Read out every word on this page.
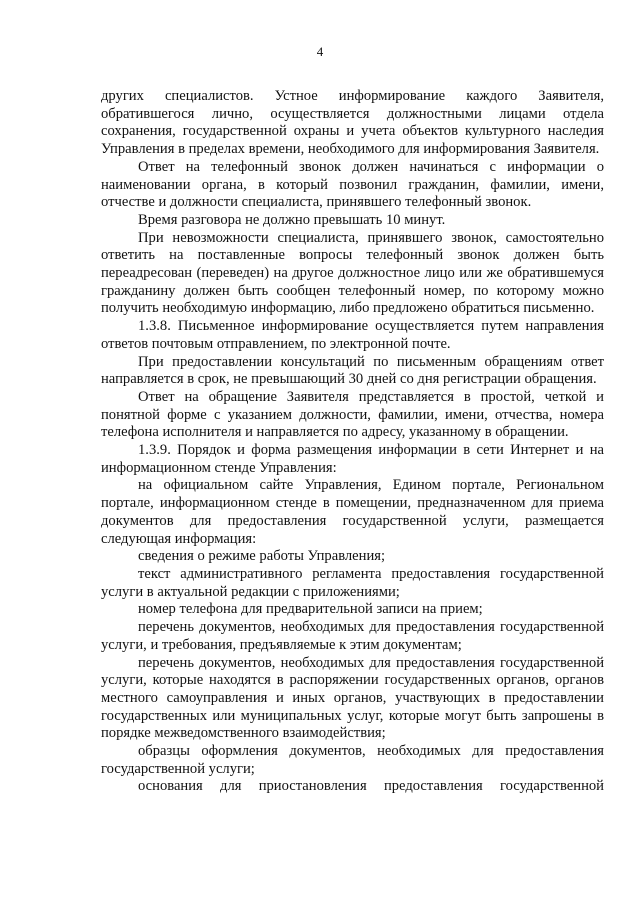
4

других специалистов. Устное информирование каждого Заявителя, обратившегося лично, осуществляется должностными лицами отдела сохранения, государственной охраны и учета объектов культурного наследия Управления в пределах времени, необходимого для информирования Заявителя.

Ответ на телефонный звонок должен начинаться с информации о наименовании органа, в который позвонил гражданин, фамилии, имени, отчестве и должности специалиста, принявшего телефонный звонок.

Время разговора не должно превышать 10 минут.

При невозможности специалиста, принявшего звонок, самостоятельно ответить на поставленные вопросы телефонный звонок должен быть переадресован (переведен) на другое должностное лицо или же обратившемуся гражданину должен быть сообщен телефонный номер, по которому можно получить необходимую информацию, либо предложено обратиться письменно.

1.3.8. Письменное информирование осуществляется путем направления ответов почтовым отправлением, по электронной почте.

При предоставлении консультаций по письменным обращениям ответ направляется в срок, не превышающий 30 дней со дня регистрации обращения.

Ответ на обращение Заявителя представляется в простой, четкой и понятной форме с указанием должности, фамилии, имени, отчества, номера телефона исполнителя и направляется по адресу, указанному в обращении.

1.3.9. Порядок и форма размещения информации в сети Интернет и на информационном стенде Управления:

на официальном сайте Управления, Едином портале, Региональном портале, информационном стенде в помещении, предназначенном для приема документов для предоставления государственной услуги, размещается следующая информация:

сведения о режиме работы Управления;

текст административного регламента предоставления государственной услуги в актуальной редакции с приложениями;

номер телефона для предварительной записи на прием;

перечень документов, необходимых для предоставления государственной услуги, и требования, предъявляемые к этим документам;

перечень документов, необходимых для предоставления государственной услуги, которые находятся в распоряжении государственных органов, органов местного самоуправления и иных органов, участвующих в предоставлении государственных или муниципальных услуг, которые могут быть запрошены в порядке межведомственного взаимодействия;

образцы оформления документов, необходимых для предоставления государственной услуги;

основания для приостановления предоставления государственной
